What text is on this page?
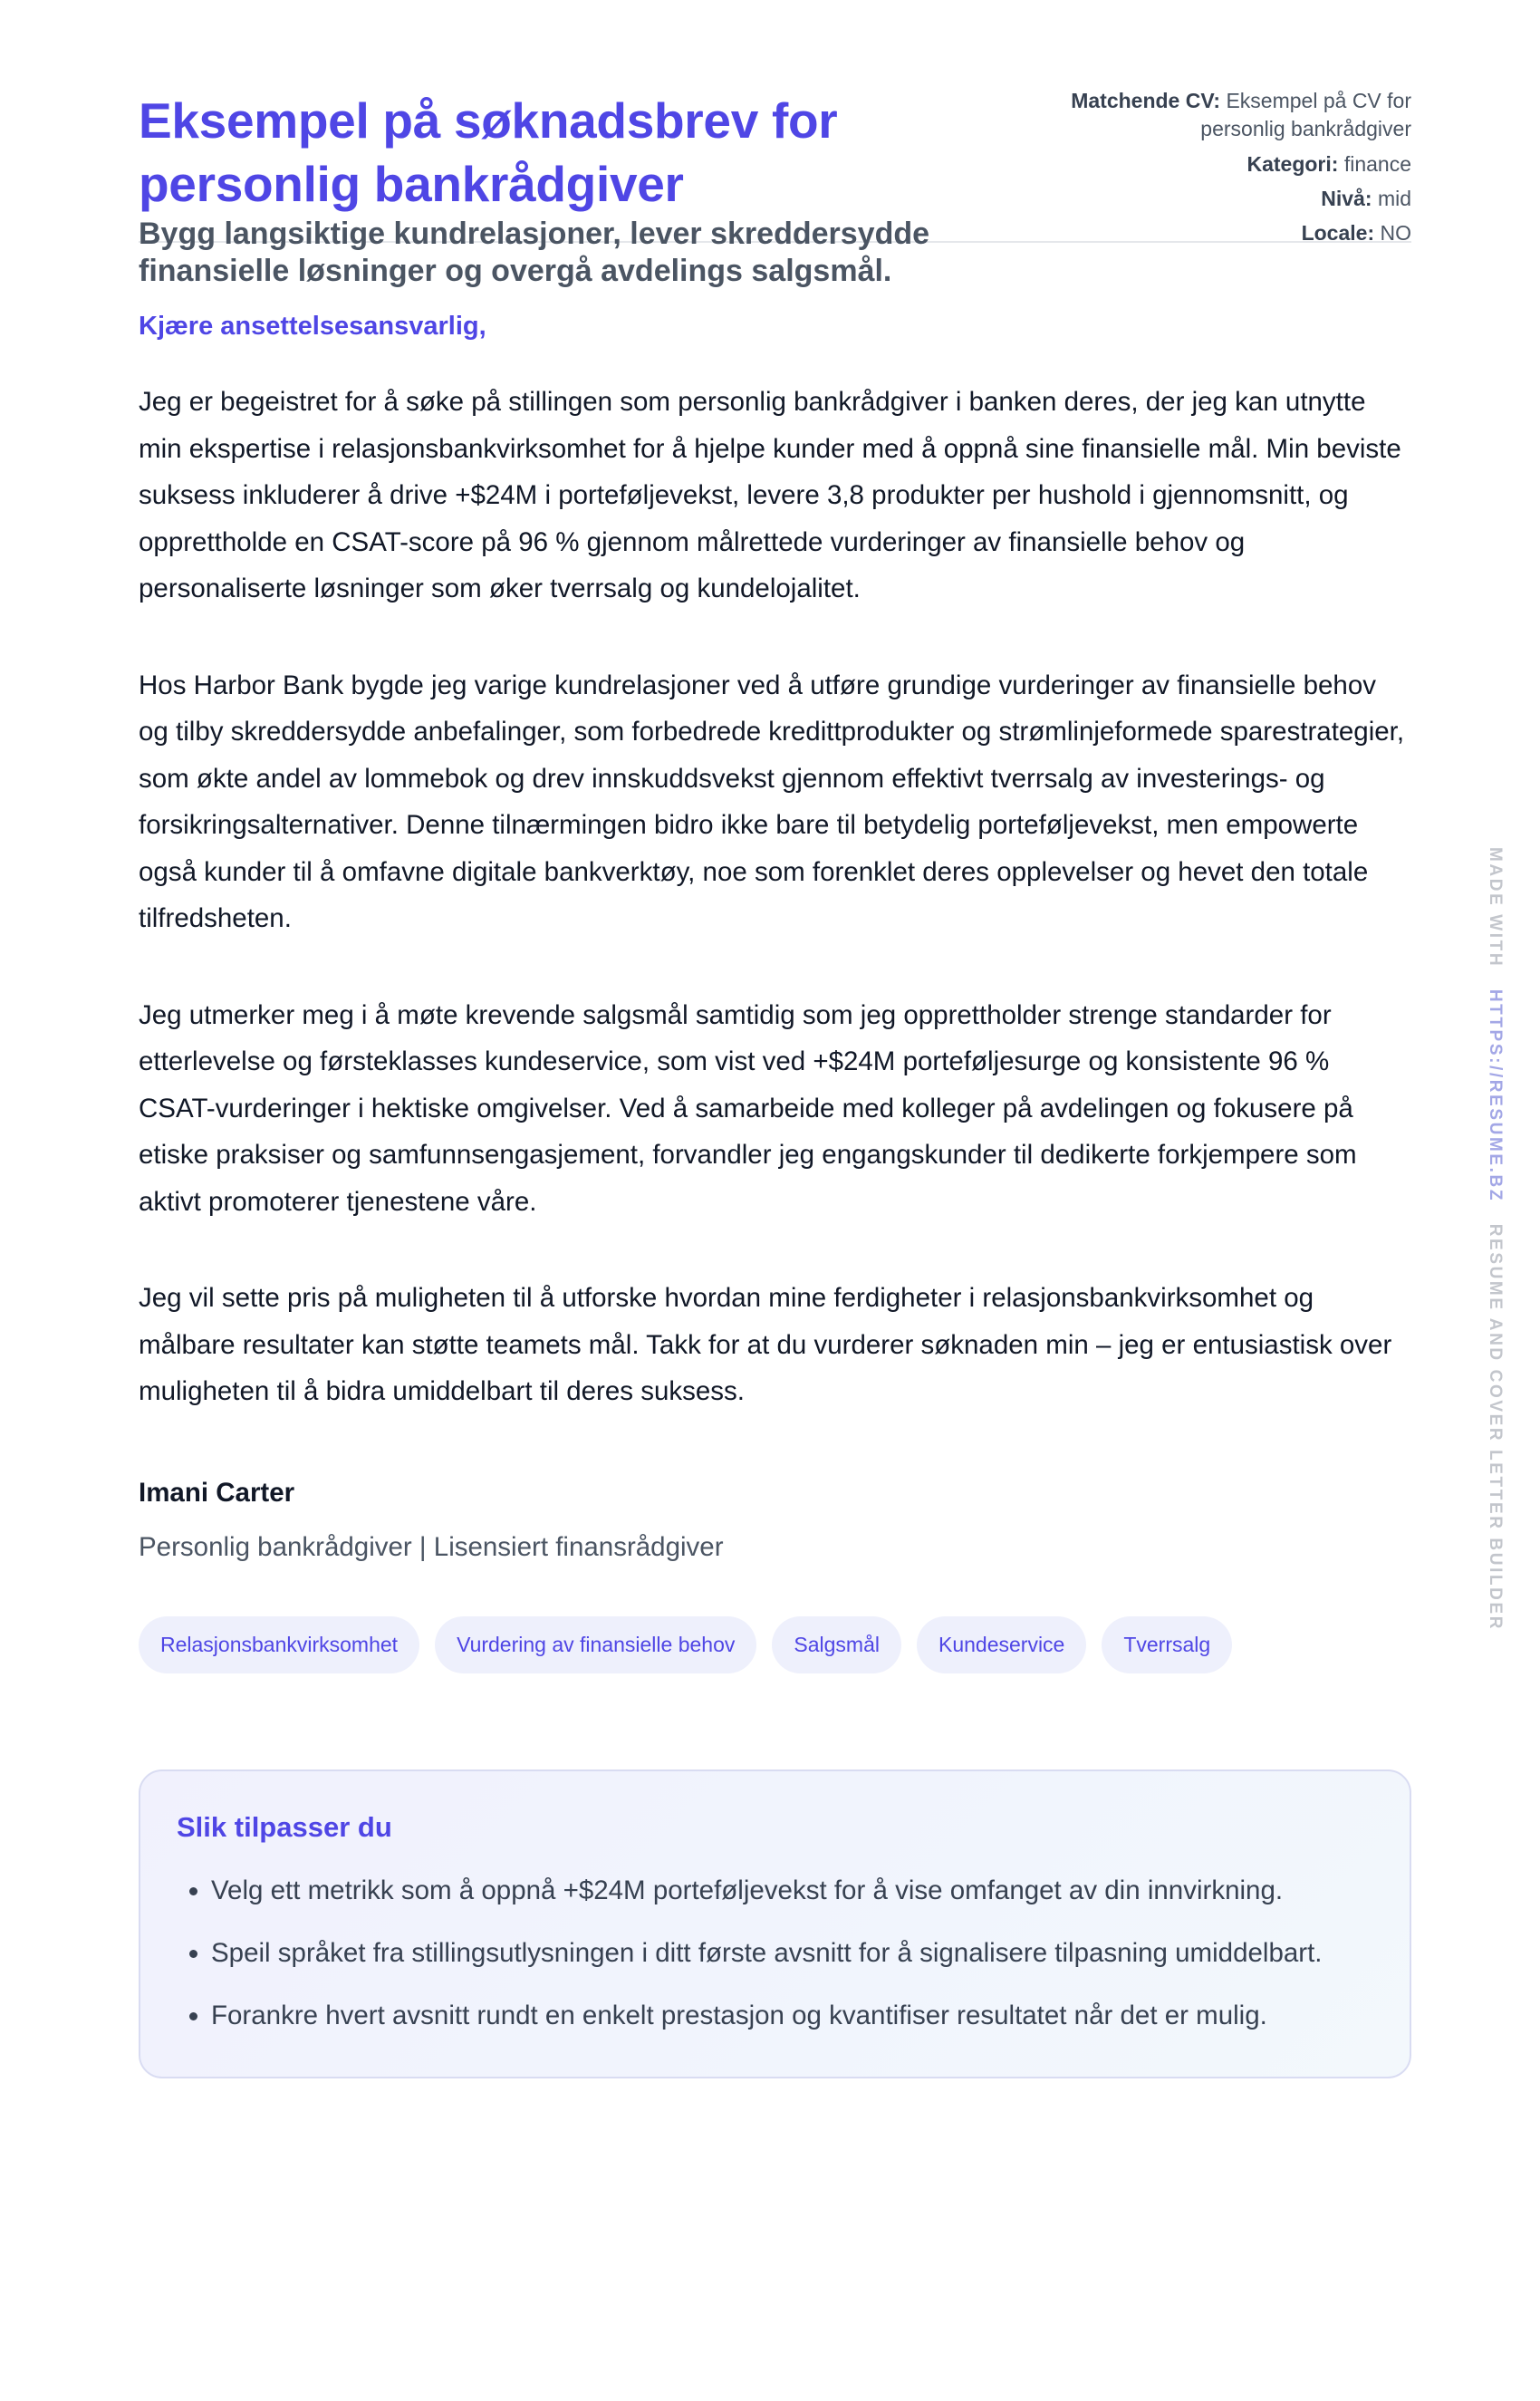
Eksempel på søknadsbrev for personlig bankrådgiver

Bygg langsiktige kundrelasjoner, lever skreddersydde finansielle løsninger og overgå avdelings salgsmål.

Matchende CV: Eksempel på CV for personlig bankrådgiver
Kategori: finance
Nivå: mid
Locale: NO
Kjære ansettelsesansvarlig,

Jeg er begeistret for å søke på stillingen som personlig bankrådgiver i banken deres, der jeg kan utnytte min ekspertise i relasjonsbankvirksomhet for å hjelpe kunder med å oppnå sine finansielle mål. Min beviste suksess inkluderer å drive +$24M i porteføljevekst, levere 3,8 produkter per hushold i gjennomsnitt, og opprettholde en CSAT-score på 96 % gjennom målrettede vurderinger av finansielle behov og personaliserte løsninger som øker tverrsalg og kundelojalitet.

Hos Harbor Bank bygde jeg varige kundrelasjoner ved å utføre grundige vurderinger av finansielle behov og tilby skreddersydde anbefalinger, som forbedrede kredittprodukter og strømlinjeformede sparestrategier, som økte andel av lommebok og drev innskuddsvekst gjennom effektivt tverrsalg av investerings- og forsikringsalternativer. Denne tilnærmingen bidro ikke bare til betydelig porteføljevekst, men empowerte også kunder til å omfavne digitale bankverktøy, noe som forenklet deres opplevelser og hevet den totale tilfredsheten.

Jeg utmerker meg i å møte krevende salgsmål samtidig som jeg opprettholder strenge standarder for etterlevelse og førsteklasses kundeservice, som vist ved +$24M porteføljesurge og konsistente 96 % CSAT-vurderinger i hektiske omgivelser. Ved å samarbeide med kolleger på avdelingen og fokusere på etiske praksiser og samfunnsengasjement, forvandler jeg engangskunder til dedikerte forkjempere som aktivt promoterer tjenestene våre.

Jeg vil sette pris på muligheten til å utforske hvordan mine ferdigheter i relasjonsbankvirksomhet og målbare resultater kan støtte teamets mål. Takk for at du vurderer søknaden min – jeg er entusiastisk over muligheten til å bidra umiddelbart til deres suksess.

Imani Carter
Personlig bankrådgiver | Lisensiert finansrådgiver
Relasjonsbankvirksomhet	Vurdering av finansielle behov	Salgsmål	Kundeservice	Tverrsalg
Slik tilpasser du
• Velg ett metrikk som å oppnå +$24M porteføljevekst for å vise omfanget av din innvirkning.
• Speil språket fra stillingsutlysningen i ditt første avsnitt for å signalisere tilpasning umiddelbart.
• Forankre hvert avsnitt rundt en enkelt prestasjon og kvantifiser resultatet når det er mulig.
MADE WITH   HTTPS://RESUME.BZ   RESUME AND COVER LETTER BUILDER
